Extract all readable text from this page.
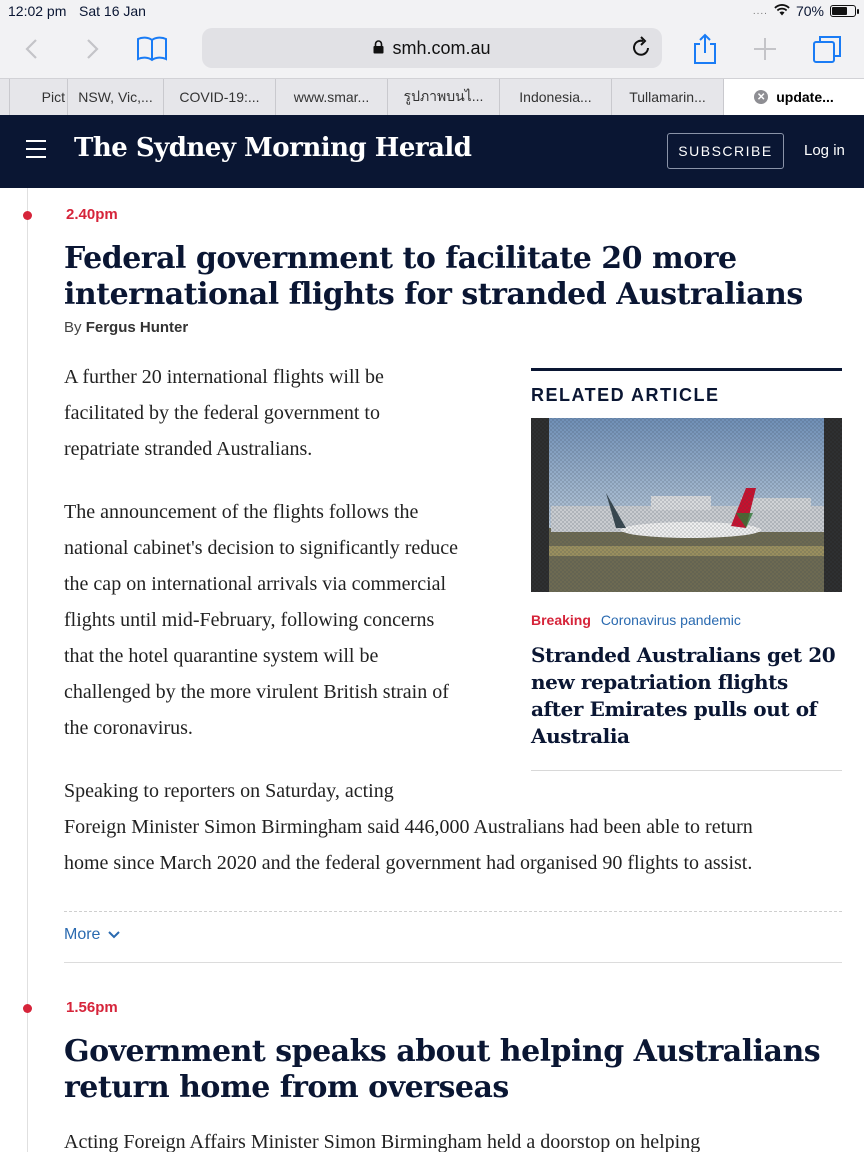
12:02 pm Sat 16 Jan	.... 70%
smh.com.au
Pict NSW, Vic,...	COVID-19:...	www.smar...	รูปภาพบนไ...	Indonesia...	Tullamarin...	✕ update...
The Sydney Morning Herald	SUBSCRIBE	Log in
2.40pm
Federal government to facilitate 20 more international flights for stranded Australians
By Fergus Hunter
A further 20 international flights will be
facilitated by the federal government to
repatriate stranded Australians.
The announcement of the flights follows the
national cabinet's decision to significantly reduce
the cap on international arrivals via commercial
flights until mid-February, following concerns
that the hotel quarantine system will be
challenged by the more virulent British strain of
the coronavirus.
Speaking to reporters on Saturday, acting
Foreign Minister Simon Birmingham said 446,000 Australians had been able to return
home since March 2020 and the federal government had organised 90 flights to assist.
RELATED ARTICLE
Breaking Coronavirus pandemic
Stranded Australians get 20 new repatriation flights after Emirates pulls out of Australia
More
1.56pm
Government speaks about helping Australians return home from overseas
Acting Foreign Affairs Minister Simon Birmingham held a doorstop on helping
